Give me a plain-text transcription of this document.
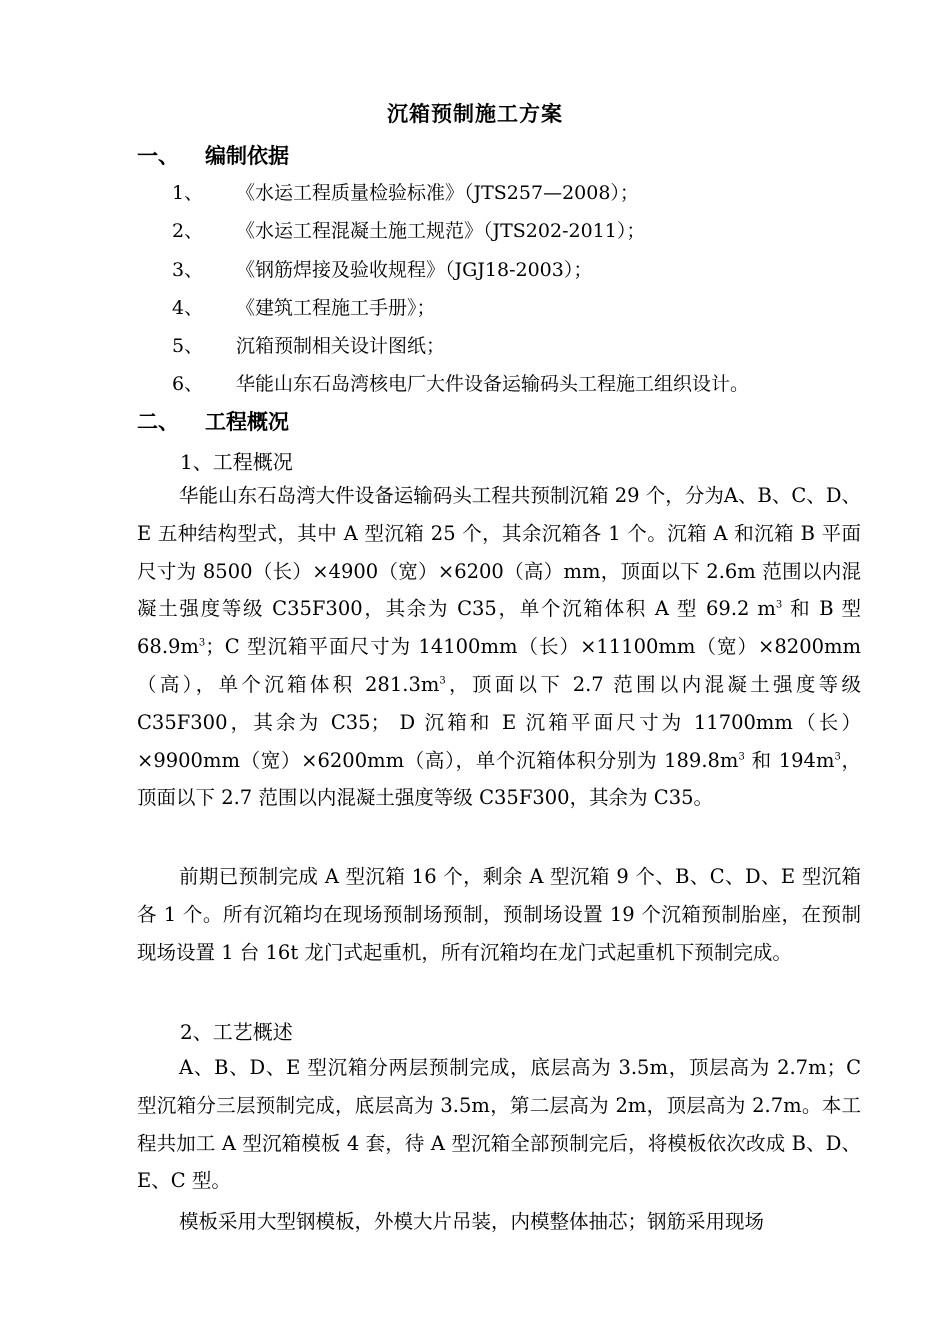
沉箱预制施工方案
一、 编制依据
1、 《水运工程质量检验标准》（JTS257—2008）；
2、 《水运工程混凝土施工规范》（JTS202-2011）；
3、 《钢筋焊接及验收规程》（JGJ18-2003）；
4、 《建筑工程施工手册》；
5、 沉箱预制相关设计图纸；
6、 华能山东石岛湾核电厂大件设备运输码头工程施工组织设计。
二、 工程概况
1、工程概况

华能山东石岛湾大件设备运输码头工程共预制沉箱 29 个，分为A、B、C、D、E 五种结构型式，其中 A 型沉箱 25 个，其余沉箱各 1 个。沉箱 A 和沉箱 B 平面尺寸为 8500（长）×4900（宽）×6200（高）mm，顶面以下 2.6m 范围以内混凝土强度等级 C35F300，其余为 C35，单个沉箱体积 A 型 69.2 $m^3$ 和 B 型 $68.9m^3$；C 型沉箱平面尺寸为 14100mm（长）×11100mm（宽）×8200mm（高），单个沉箱体积 $281.3m^3$，顶面以下 2.7 范围以内混凝土强度等级 C35F300，其余为 C35； D 沉箱和 E 沉箱平面尺寸为 11700mm（长）×9900mm（宽）×6200mm（高），单个沉箱体积分别为 $189.8m^3$ 和 $194m^3$，顶面以下 2.7 范围以内混凝土强度等级 C35F300，其余为 C35。

前期已预制完成 A 型沉箱 16 个，剩余 A 型沉箱 9 个、B、C、D、E 型沉箱各 1 个。所有沉箱均在现场预制场预制，预制场设置 19 个沉箱预制胎座，在预制现场设置 1 台 16t 龙门式起重机，所有沉箱均在龙门式起重机下预制完成。

2、工艺概述

A、B、D、E 型沉箱分两层预制完成，底层高为 3.5m，顶层高为 2.7m；C 型沉箱分三层预制完成，底层高为 3.5m，第二层高为 2m，顶层高为 2.7m。本工程共加工 A 型沉箱模板 4 套，待 A 型沉箱全部预制完后，将模板依次改成 B、D、E、C 型。

模板采用大型钢模板，外模大片吊装，内模整体抽芯；钢筋采用现场
